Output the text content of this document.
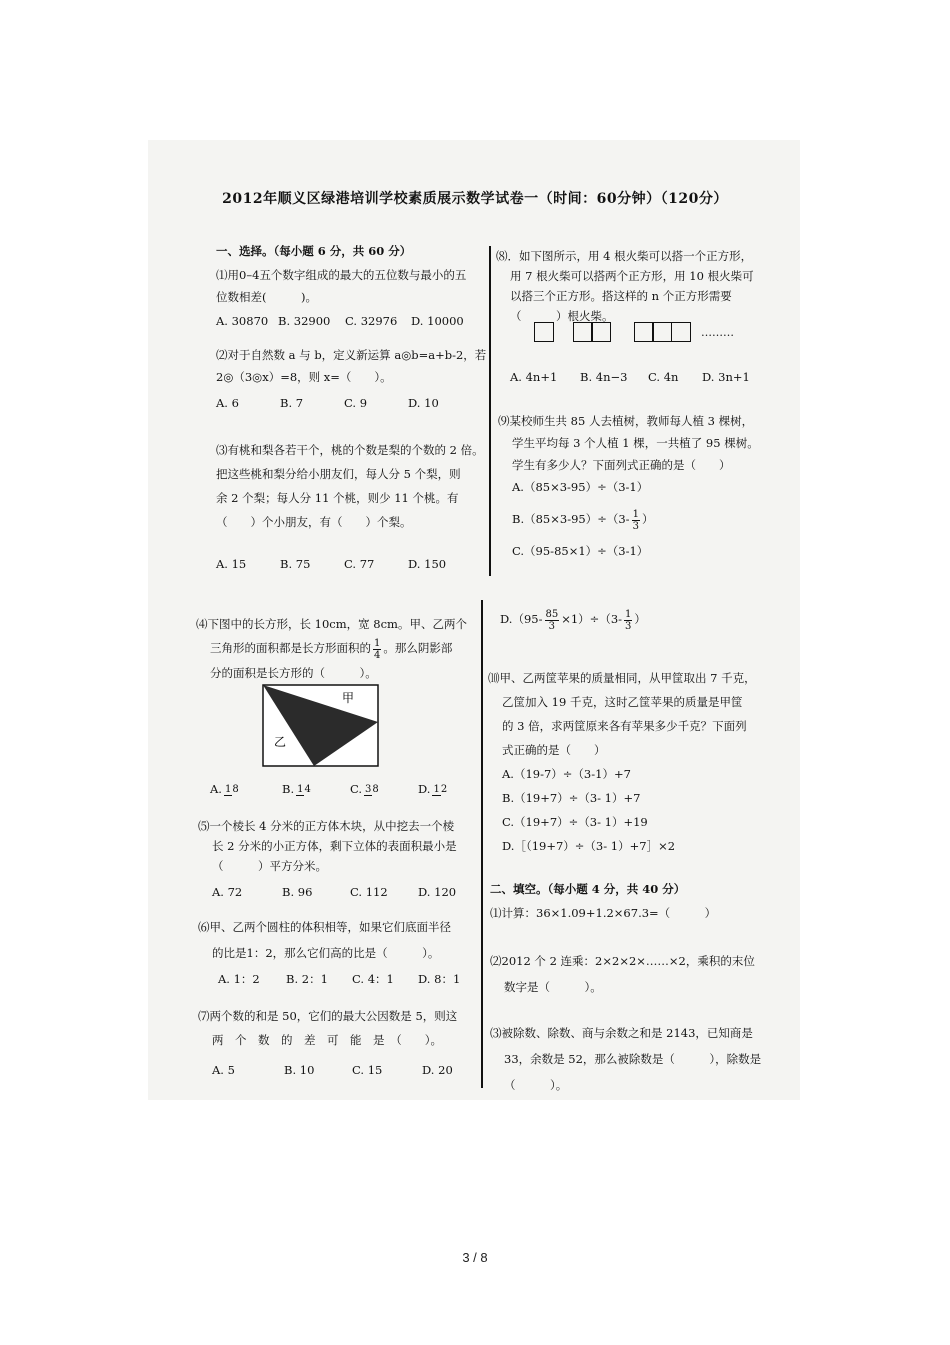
2012年顺义区绿港培训学校素质展示数学试卷一（时间：60分钟）（120分）
一、选择。（每小题 6 分，共 60 分）
⑴用0–4五个数字组成的最大的五位数与最小的五
位数相差(　　　)。
A. 30870 B. 32900	C. 32976	D. 10000
⑵对于自然数 a 与 b，定义新运算 a◎b=a+b-2，若
2◎（3◎x）=8，则 x=（　　）。
A. 6	B. 7	C. 9	D. 10
⑶有桃和梨各若干个，桃的个数是梨的个数的 2 倍。
把这些桃和梨分给小朋友们，每人分 5 个梨，则
余 2 个梨；每人分 11 个桃，则少 11 个桃。有
（　　）个小朋友，有（　　）个梨。
A. 15	B. 75	C. 77	D. 150
⑷下图中的长方形，长 10cm，宽 8cm。甲、乙两个
三角形的面积都是长方形面积的 $\frac{1}{4}$ 。那么阴影部
分的面积是长方形的（　　　）。
甲
乙
A. 18	B. 14	C. 38	D. 12
⑸一个棱长 4 分米的正方体木块，从中挖去一个棱
长 2 分米的小正方体，剩下立体的表面积最小是
（　　　）平方分米。
A. 72	B. 96	C. 112	D. 120
⑹甲、乙两个圆柱的体积相等，如果它们底面半径
的比是1：2，那么它们高的比是（　　　）。
A. 1：2	B. 2：1	C. 4：1	D. 8：1
⑺两个数的和是 50，它们的最大公因数是 5，则这
两　个　数　的　差　可　能　是　（　　）。
A. 5	B. 10	C. 15	D. 20
⑻．如下图所示，用 4 根火柴可以搭一个正方形，
用 7 根火柴可以搭两个正方形，用 10 根火柴可
以搭三个正方形。搭这样的 n 个正方形需要
（　　　）根火柴。
………
A. 4n+1	B. 4n−3	C. 4n	D. 3n+1
⑼某校师生共 85 人去植树，教师每人植 3 棵树，
学生平均每 3 个人植 1 棵，一共植了 95 棵树。
学生有多少人？下面列式正确的是（　　）
A.（85×3-95）÷（3-1）
$B.(85\times 3-95)\div(3- \frac{1}{3}$ ）
C.（95-85×1）÷（3-1）
$D.(95- \frac{85}{3} \times 1)\div(3- \frac{1}{3}$ ）
⑽甲、乙两筐苹果的质量相同，从甲筐取出 7 千克，
乙筐加入 19 千克，这时乙筐苹果的质量是甲筐
的 3 倍，求两筐原来各有苹果多少千克？下面列
式正确的是（　　）
A.（19-7）÷（3-1）+7
B.（19+7）÷（3- 1）+7
C.（19+7）÷（3- 1）+19
D.［（19+7）÷（3- 1）+7］×2
二、填空。（每小题 4 分，共 40 分）
⑴计算：36×1.09+1.2×67.3=（　　　）
⑵2012 个 2 连乘：2×2×2×……×2，乘积的末位
数字是（　　　）。
⑶被除数、除数、商与余数之和是 2143，已知商是
33，余数是 52，那么被除数是（　　　），除数是
（　　　）。
3 / 8
